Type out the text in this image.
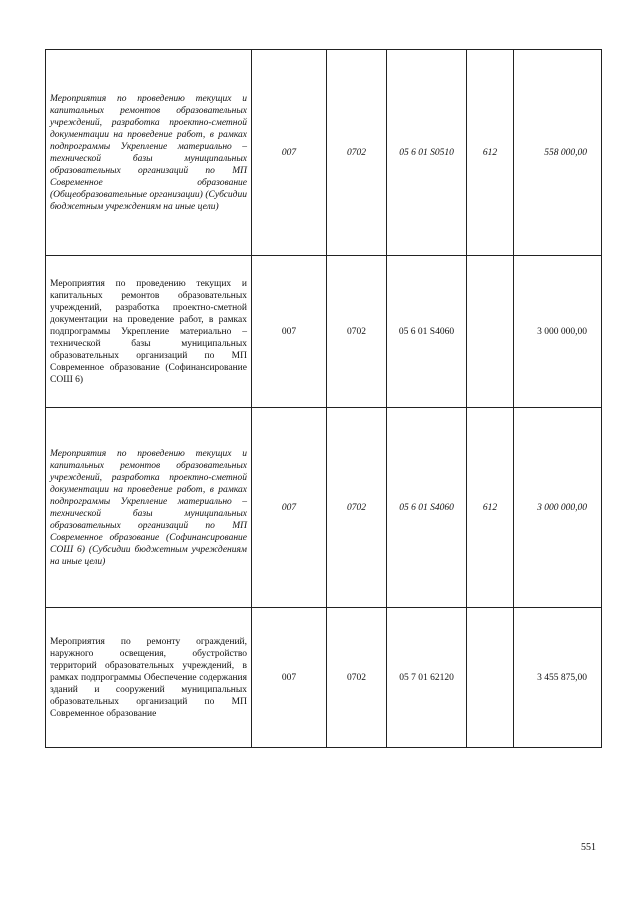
Мероприятия по проведению текущих и капитальных ремонтов образовательных учреждений, разработка проектно-сметной документации на проведение работ, в рамках подпрограммы Укрепление материально – технической базы муниципальных образовательных организаций по МП Современное образование (Общеобразовательные организации) (Субсидии бюджетным учреждениям на иные цели)	007	0702	05 6 01 S0510	612	558 000,00
Мероприятия по проведению текущих и капитальных ремонтов образовательных учреждений, разработка проектно-сметной документации на проведение работ, в рамках подпрограммы Укрепление материально – технической базы муниципальных образовательных организаций по МП Современное образование (Софинансирование СОШ 6)	007	0702	05 6 01 S4060		3 000 000,00
Мероприятия по проведению текущих и капитальных ремонтов образовательных учреждений, разработка проектно-сметной документации на проведение работ, в рамках подпрограммы Укрепление материально – технической базы муниципальных образовательных организаций по МП Современное образование (Софинансирование СОШ 6) (Субсидии бюджетным учреждениям на иные цели)	007	0702	05 6 01 S4060	612	3 000 000,00
Мероприятия по ремонту ограждений, наружного освещения, обустройство территорий образовательных учреждений, в рамках подпрограммы Обеспечение содержания зданий и сооружений муниципальных образовательных организаций по МП Современное образование	007	0702	05 7 01 62120		3 455 875,00
551
